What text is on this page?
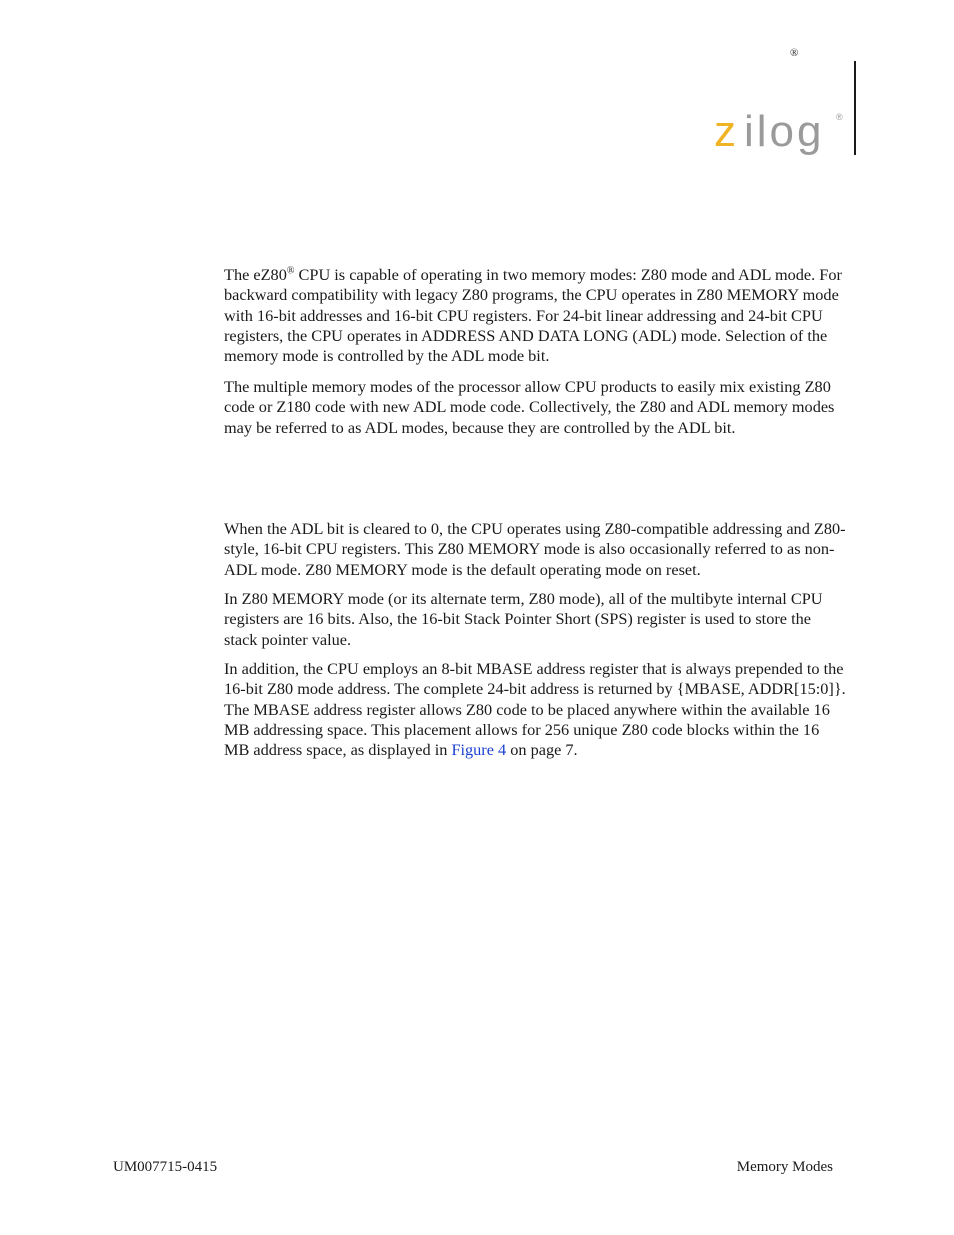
®
z ilog ®

The eZ80® CPU is capable of operating in two memory modes: Z80 mode and ADL mode. For backward compatibility with legacy Z80 programs, the CPU operates in Z80 MEMORY mode with 16-bit addresses and 16-bit CPU registers. For 24-bit linear addressing and 24-bit CPU registers, the CPU operates in ADDRESS AND DATA LONG (ADL) mode. Selection of the memory mode is controlled by the ADL mode bit.

The multiple memory modes of the processor allow CPU products to easily mix existing Z80 code or Z180 code with new ADL mode code. Collectively, the Z80 and ADL memory modes may be referred to as ADL modes, because they are controlled by the ADL bit.

When the ADL bit is cleared to 0, the CPU operates using Z80-compatible addressing and Z80-style, 16-bit CPU registers. This Z80 MEMORY mode is also occasionally referred to as non-ADL mode. Z80 MEMORY mode is the default operating mode on reset.

In Z80 MEMORY mode (or its alternate term, Z80 mode), all of the multibyte internal CPU registers are 16 bits. Also, the 16-bit Stack Pointer Short (SPS) register is used to store the stack pointer value.

In addition, the CPU employs an 8-bit MBASE address register that is always prepended to the 16-bit Z80 mode address. The complete 24-bit address is returned by {MBASE, ADDR[15:0]}. The MBASE address register allows Z80 code to be placed anywhere within the available 16 MB addressing space. This placement allows for 256 unique Z80 code blocks within the 16 MB address space, as displayed in Figure 4 on page 7.

UM007715-0415	Memory Modes
